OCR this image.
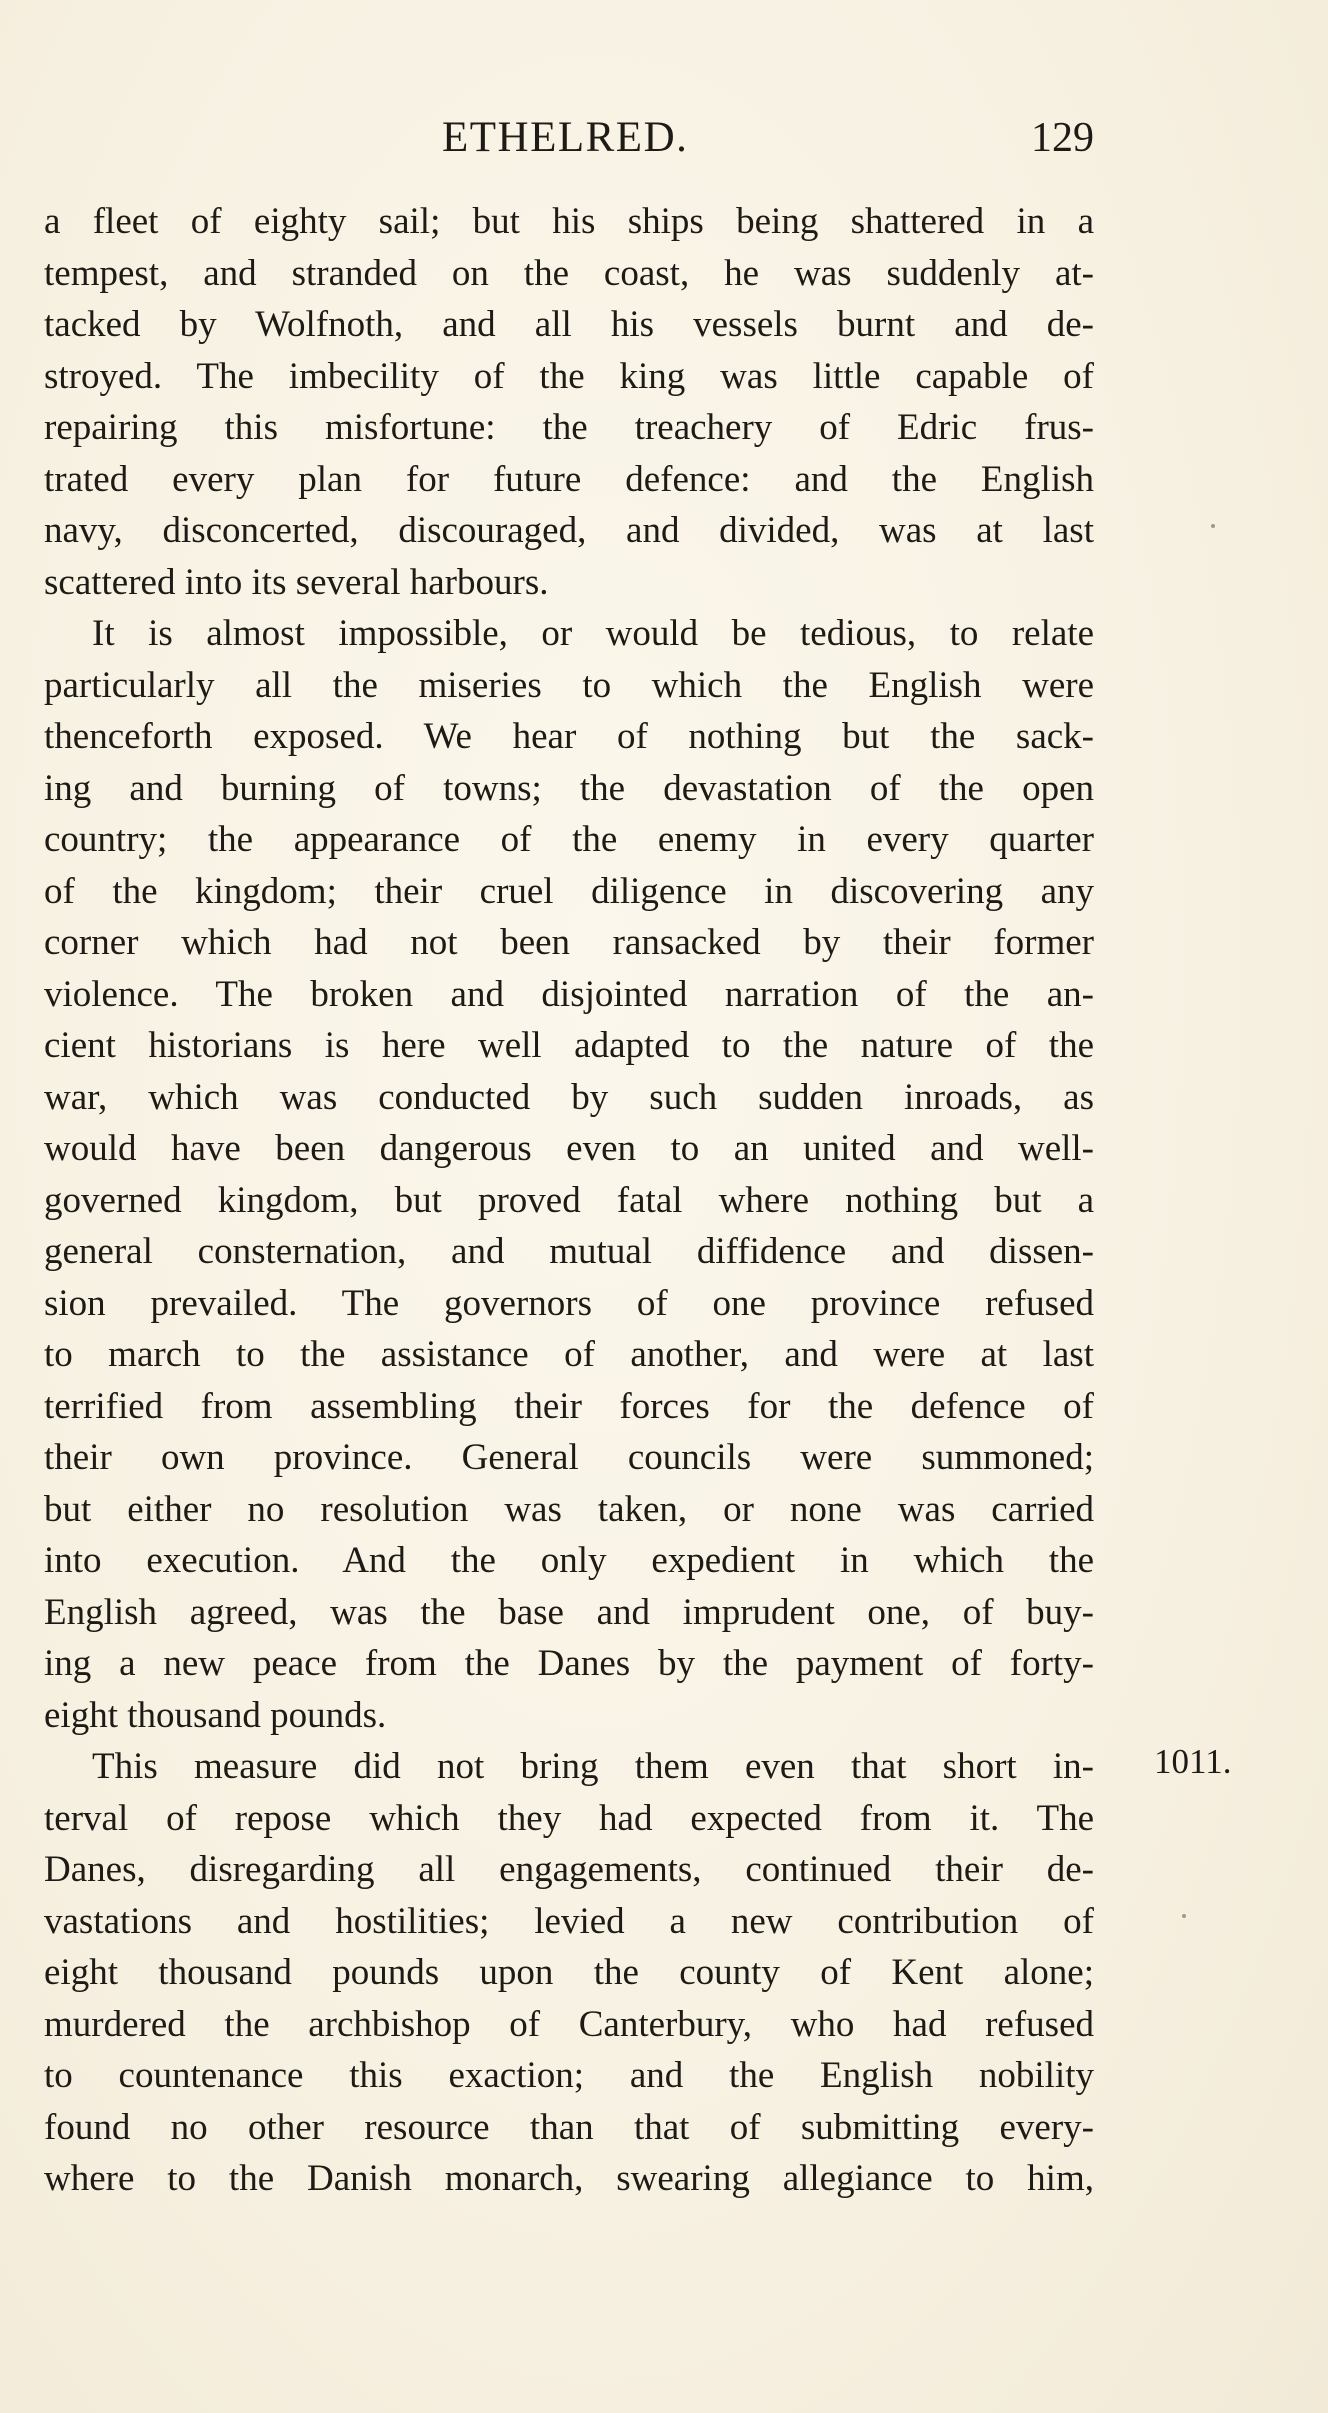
ETHELRED.	129
a fleet of eighty sail; but his ships being shattered in a
tempest, and stranded on the coast, he was suddenly at-
tacked by Wolfnoth, and all his vessels burnt and de-
stroyed. The imbecility of the king was little capable of
repairing this misfortune: the treachery of Edric frus-
trated every plan for future defence: and the English
navy, disconcerted, discouraged, and divided, was at last
scattered into its several harbours.
It is almost impossible, or would be tedious, to relate
particularly all the miseries to which the English were
thenceforth exposed. We hear of nothing but the sack-
ing and burning of towns; the devastation of the open
country; the appearance of the enemy in every quarter
of the kingdom; their cruel diligence in discovering any
corner which had not been ransacked by their former
violence. The broken and disjointed narration of the an-
cient historians is here well adapted to the nature of the
war, which was conducted by such sudden inroads, as
would have been dangerous even to an united and well-
governed kingdom, but proved fatal where nothing but a
general consternation, and mutual diffidence and dissen-
sion prevailed. The governors of one province refused
to march to the assistance of another, and were at last
terrified from assembling their forces for the defence of
their own province. General councils were summoned;
but either no resolution was taken, or none was carried
into execution. And the only expedient in which the
English agreed, was the base and imprudent one, of buy-
ing a new peace from the Danes by the payment of forty-
eight thousand pounds.
This measure did not bring them even that short in-
terval of repose which they had expected from it. The
Danes, disregarding all engagements, continued their de-
vastations and hostilities; levied a new contribution of
eight thousand pounds upon the county of Kent alone;
murdered the archbishop of Canterbury, who had refused
to countenance this exaction; and the English nobility
found no other resource than that of submitting every-
where to the Danish monarch, swearing allegiance to him,
1011.
